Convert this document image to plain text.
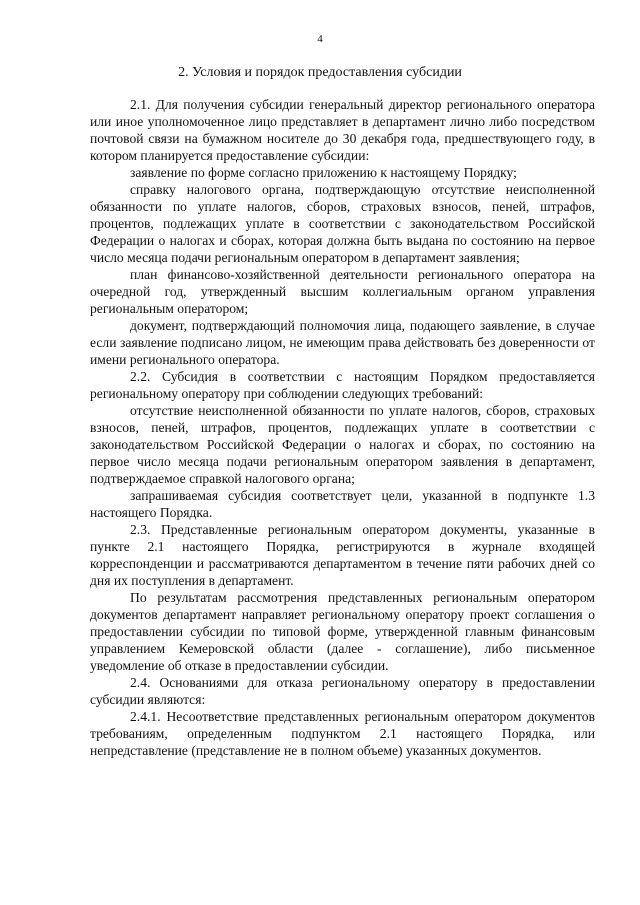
4
2. Условия и порядок предоставления субсидии

2.1. Для получения субсидии генеральный директор регионального оператора или иное уполномоченное лицо представляет в департамент лично либо посредством почтовой связи на бумажном носителе до 30 декабря года, предшествующего году, в котором планируется предоставление субсидии:

заявление по форме согласно приложению к настоящему Порядку;

справку налогового органа, подтверждающую отсутствие неисполненной обязанности по уплате налогов, сборов, страховых взносов, пеней, штрафов, процентов, подлежащих уплате в соответствии с законодательством Российской Федерации о налогах и сборах, которая должна быть выдана по состоянию на первое число месяца подачи региональным оператором в департамент заявления;

план финансово-хозяйственной деятельности регионального оператора на очередной год, утвержденный высшим коллегиальным органом управления региональным оператором;

документ, подтверждающий полномочия лица, подающего заявление, в случае если заявление подписано лицом, не имеющим права действовать без доверенности от имени регионального оператора.

2.2. Субсидия в соответствии с настоящим Порядком предоставляется региональному оператору при соблюдении следующих требований:

отсутствие неисполненной обязанности по уплате налогов, сборов, страховых взносов, пеней, штрафов, процентов, подлежащих уплате в соответствии с законодательством Российской Федерации о налогах и сборах, по состоянию на первое число месяца подачи региональным оператором заявления в департамент, подтверждаемое справкой налогового органа;

запрашиваемая субсидия соответствует цели, указанной в подпункте 1.3 настоящего Порядка.

2.3. Представленные региональным оператором документы, указанные в пункте 2.1 настоящего Порядка, регистрируются в журнале входящей корреспонденции и рассматриваются департаментом в течение пяти рабочих дней со дня их поступления в департамент.

По результатам рассмотрения представленных региональным оператором документов департамент направляет региональному оператору проект соглашения о предоставлении субсидии по типовой форме, утвержденной главным финансовым управлением Кемеровской области (далее - соглашение), либо письменное уведомление об отказе в предоставлении субсидии.

2.4. Основаниями для отказа региональному оператору в предоставлении субсидии являются:

2.4.1. Несоответствие представленных региональным оператором документов требованиям, определенным подпунктом 2.1 настоящего Порядка, или непредставление (представление не в полном объеме) указанных документов.
